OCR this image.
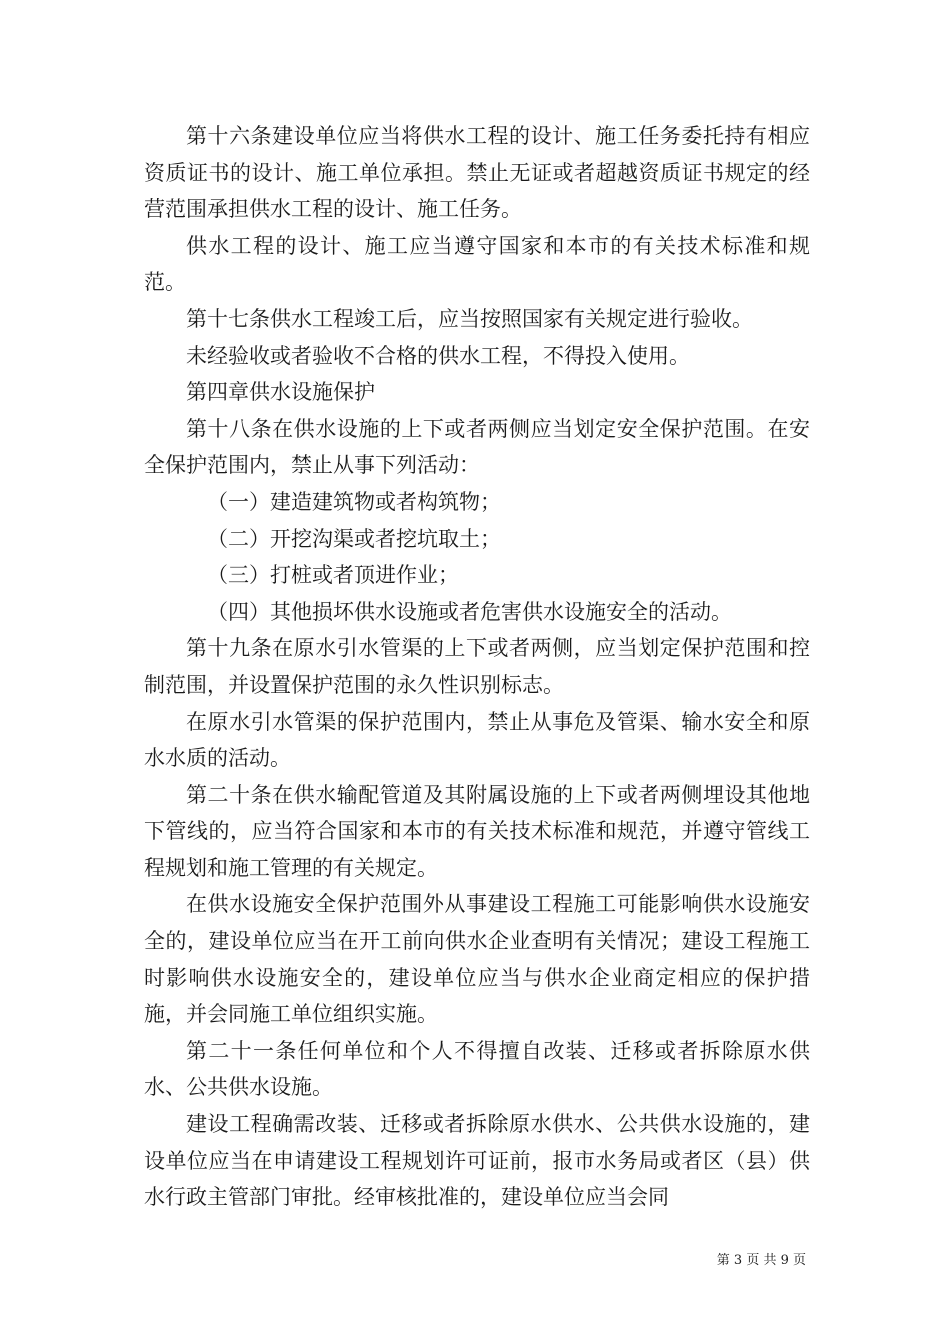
第十六条建设单位应当将供水工程的设计、施工任务委托持有相应资质证书的设计、施工单位承担。禁止无证或者超越资质证书规定的经营范围承担供水工程的设计、施工任务。

供水工程的设计、施工应当遵守国家和本市的有关技术标准和规范。

第十七条供水工程竣工后，应当按照国家有关规定进行验收。

未经验收或者验收不合格的供水工程，不得投入使用。

第四章供水设施保护

第十八条在供水设施的上下或者两侧应当划定安全保护范围。在安全保护范围内，禁止从事下列活动：

（一）建造建筑物或者构筑物；

（二）开挖沟渠或者挖坑取土；

（三）打桩或者顶进作业；

（四）其他损坏供水设施或者危害供水设施安全的活动。

第十九条在原水引水管渠的上下或者两侧，应当划定保护范围和控制范围，并设置保护范围的永久性识别标志。

在原水引水管渠的保护范围内，禁止从事危及管渠、输水安全和原水水质的活动。

第二十条在供水输配管道及其附属设施的上下或者两侧埋设其他地下管线的，应当符合国家和本市的有关技术标准和规范，并遵守管线工程规划和施工管理的有关规定。

在供水设施安全保护范围外从事建设工程施工可能影响供水设施安全的，建设单位应当在开工前向供水企业查明有关情况；建设工程施工时影响供水设施安全的，建设单位应当与供水企业商定相应的保护措施，并会同施工单位组织实施。

第二十一条任何单位和个人不得擅自改装、迁移或者拆除原水供水、公共供水设施。

建设工程确需改装、迁移或者拆除原水供水、公共供水设施的，建设单位应当在申请建设工程规划许可证前，报市水务局或者区（县）供水行政主管部门审批。经审核批准的，建设单位应当会同

第 3 页 共 9 页
